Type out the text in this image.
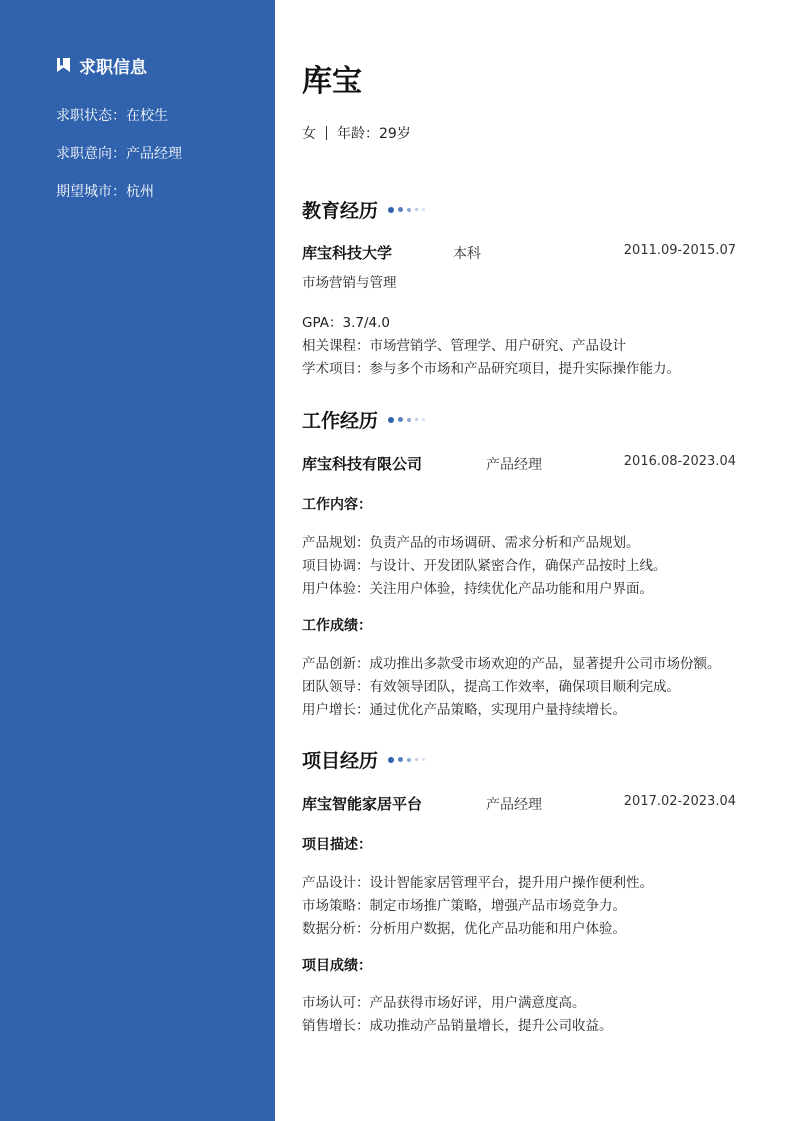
求职信息
求职状态：在校生
求职意向：产品经理
期望城市：杭州
库宝
女 年龄：29岁
教育经历
库宝科技大学	本科	2011.09-2015.07
市场营销与管理
GPA：3.7/4.0
相关课程：市场营销学、管理学、用户研究、产品设计
学术项目：参与多个市场和产品研究项目，提升实际操作能力。
工作经历
库宝科技有限公司	产品经理	2016.08-2023.04
工作内容：
产品规划：负责产品的市场调研、需求分析和产品规划。
项目协调：与设计、开发团队紧密合作，确保产品按时上线。
用户体验：关注用户体验，持续优化产品功能和用户界面。
工作成绩：
产品创新：成功推出多款受市场欢迎的产品，显著提升公司市场份额。
团队领导：有效领导团队，提高工作效率，确保项目顺利完成。
用户增长：通过优化产品策略，实现用户量持续增长。
项目经历
库宝智能家居平台	产品经理	2017.02-2023.04
项目描述：
产品设计：设计智能家居管理平台，提升用户操作便利性。
市场策略：制定市场推广策略，增强产品市场竞争力。
数据分析：分析用户数据，优化产品功能和用户体验。
项目成绩：
市场认可：产品获得市场好评，用户满意度高。
销售增长：成功推动产品销量增长，提升公司收益。
